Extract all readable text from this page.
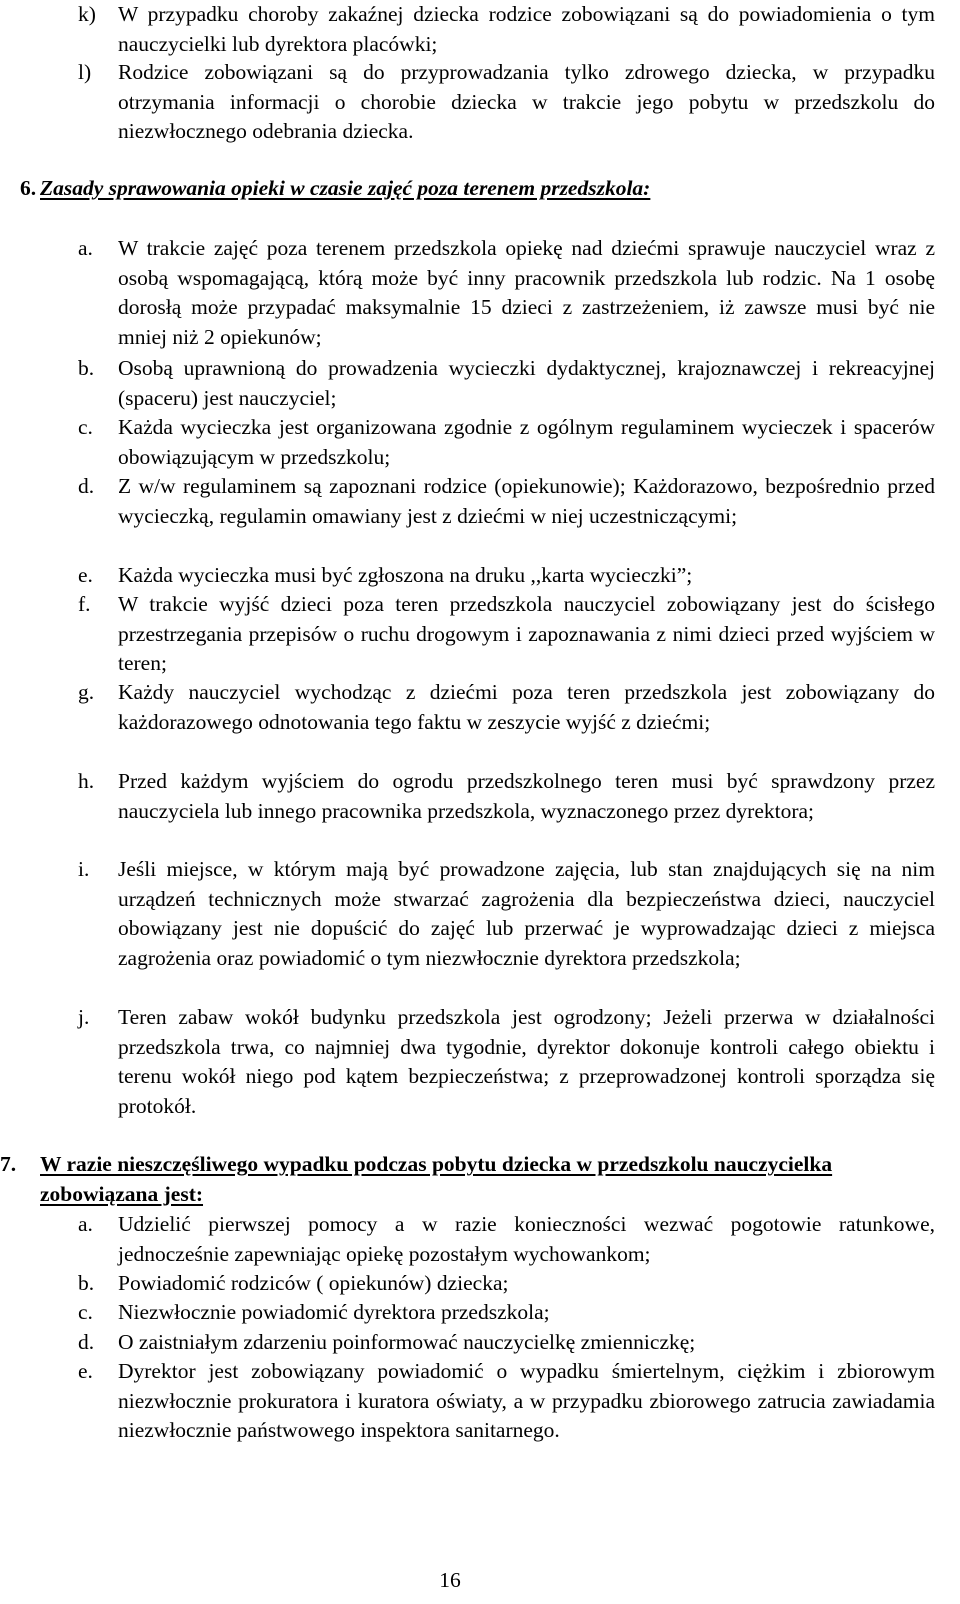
k)	W przypadku choroby zakaźnej dziecka rodzice zobowiązani są do powiadomienia o tym nauczycielki lub dyrektora placówki;
l)	Rodzice zobowiązani są do przyprowadzania tylko zdrowego dziecka, w przypadku otrzymania informacji o chorobie dziecka w trakcie jego pobytu w przedszkolu do niezwłocznego odebrania dziecka.
6. Zasady sprawowania opieki w czasie zajęć poza terenem przedszkola:
a.	W trakcie zajęć poza terenem przedszkola opiekę nad dziećmi sprawuje nauczyciel wraz z osobą wspomagającą, którą może być inny pracownik przedszkola lub rodzic. Na 1 osobę dorosłą może przypadać maksymalnie 15 dzieci z zastrzeżeniem, iż zawsze musi być nie mniej niż 2 opiekunów;
b.	Osobą uprawnioną do prowadzenia wycieczki dydaktycznej, krajoznawczej i rekreacyjnej (spaceru) jest nauczyciel;
c.	Każda wycieczka jest organizowana zgodnie z ogólnym regulaminem wycieczek i spacerów obowiązującym w przedszkolu;
d.	Z w/w regulaminem są zapoznani rodzice (opiekunowie); Każdorazowo, bezpośrednio przed wycieczką, regulamin omawiany jest z dziećmi w niej uczestniczącymi;
e.	Każda wycieczka musi być zgłoszona na druku ,,karta wycieczki”;
f.	W trakcie wyjść dzieci poza teren przedszkola nauczyciel zobowiązany jest do ścisłego przestrzegania przepisów o ruchu drogowym i zapoznawania z nimi dzieci przed wyjściem w teren;
g.	Każdy nauczyciel wychodząc z dziećmi poza teren przedszkola jest zobowiązany do każdorazowego odnotowania tego faktu w zeszycie wyjść z dziećmi;
h.	Przed każdym wyjściem do ogrodu przedszkolnego teren musi być sprawdzony przez nauczyciela lub innego pracownika przedszkola, wyznaczonego przez dyrektora;
i.	Jeśli miejsce, w którym mają być prowadzone zajęcia, lub stan znajdujących się na nim urządzeń technicznych może stwarzać zagrożenia dla bezpieczeństwa dzieci, nauczyciel obowiązany jest nie dopuścić do zajęć lub przerwać je wyprowadzając dzieci z miejsca zagrożenia oraz powiadomić o tym niezwłocznie dyrektora przedszkola;
j.	Teren zabaw wokół budynku przedszkola jest ogrodzony; Jeżeli przerwa w działalności przedszkola trwa, co najmniej dwa tygodnie, dyrektor dokonuje kontroli całego obiektu i terenu wokół niego pod kątem bezpieczeństwa; z przeprowadzonej kontroli sporządza się protokół.
7.	W razie nieszczęśliwego wypadku podczas pobytu dziecka w przedszkolu nauczycielka zobowiązana jest:
a.	Udzielić pierwszej pomocy a w razie konieczności wezwać pogotowie ratunkowe, jednocześnie zapewniając opiekę pozostałym wychowankom;
b.	Powiadomić rodziców ( opiekunów) dziecka;
c.	Niezwłocznie powiadomić dyrektora przedszkola;
d.	O zaistniałym zdarzeniu poinformować nauczycielkę zmienniczkę;
e.	Dyrektor jest zobowiązany powiadomić o wypadku śmiertelnym, ciężkim i zbiorowym niezwłocznie prokuratora i kuratora oświaty, a w przypadku zbiorowego zatrucia zawiadamia niezwłocznie państwowego inspektora sanitarnego.
16
